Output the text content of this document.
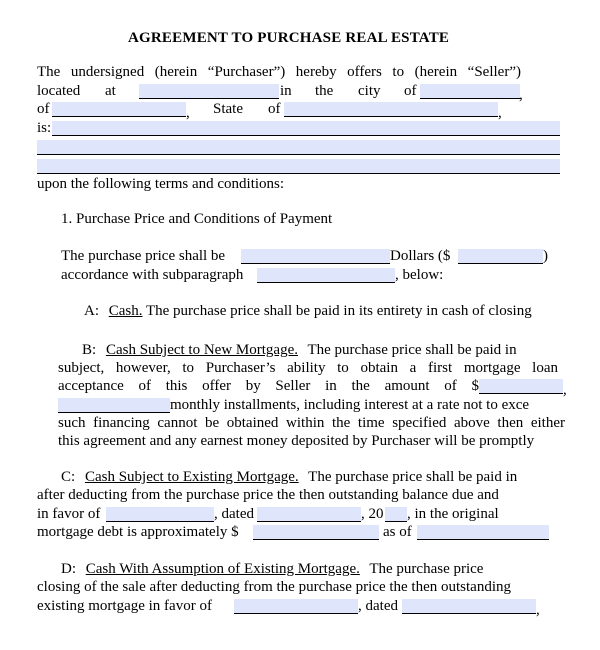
AGREEMENT TO PURCHASE REAL ESTATE
The undersigned (herein “Purchaser”) hereby offers to (herein “Seller”)
located at	in the city of	,
of	, State of	,
is:
upon the following terms and conditions:
1. Purchase Price and Conditions of Payment
The purchase price shall be	Dollars ($	)
accordance with subparagraph	, below:
A: Cash. The purchase price shall be paid in its entirety in cash of closing
B: Cash Subject to New Mortgage. The purchase price shall be paid in
subject, however, to Purchaser’s ability to obtain a first mortgage loan
acceptance of this offer by Seller in the amount of $	,
monthly installments, including interest at a rate not to exce
such financing cannot be obtained within the time specified above then either
this agreement and any earnest money deposited by Purchaser will be promptly
C: Cash Subject to Existing Mortgage. The purchase price shall be paid in
after deducting from the purchase price the then outstanding balance due and
in favor of	, dated	, 20 , in the original
mortgage debt is approximately $	as of
D: Cash With Assumption of Existing Mortgage. The purchase price
closing of the sale after deducting from the purchase price the then outstanding
existing mortgage in favor of	, dated	,
